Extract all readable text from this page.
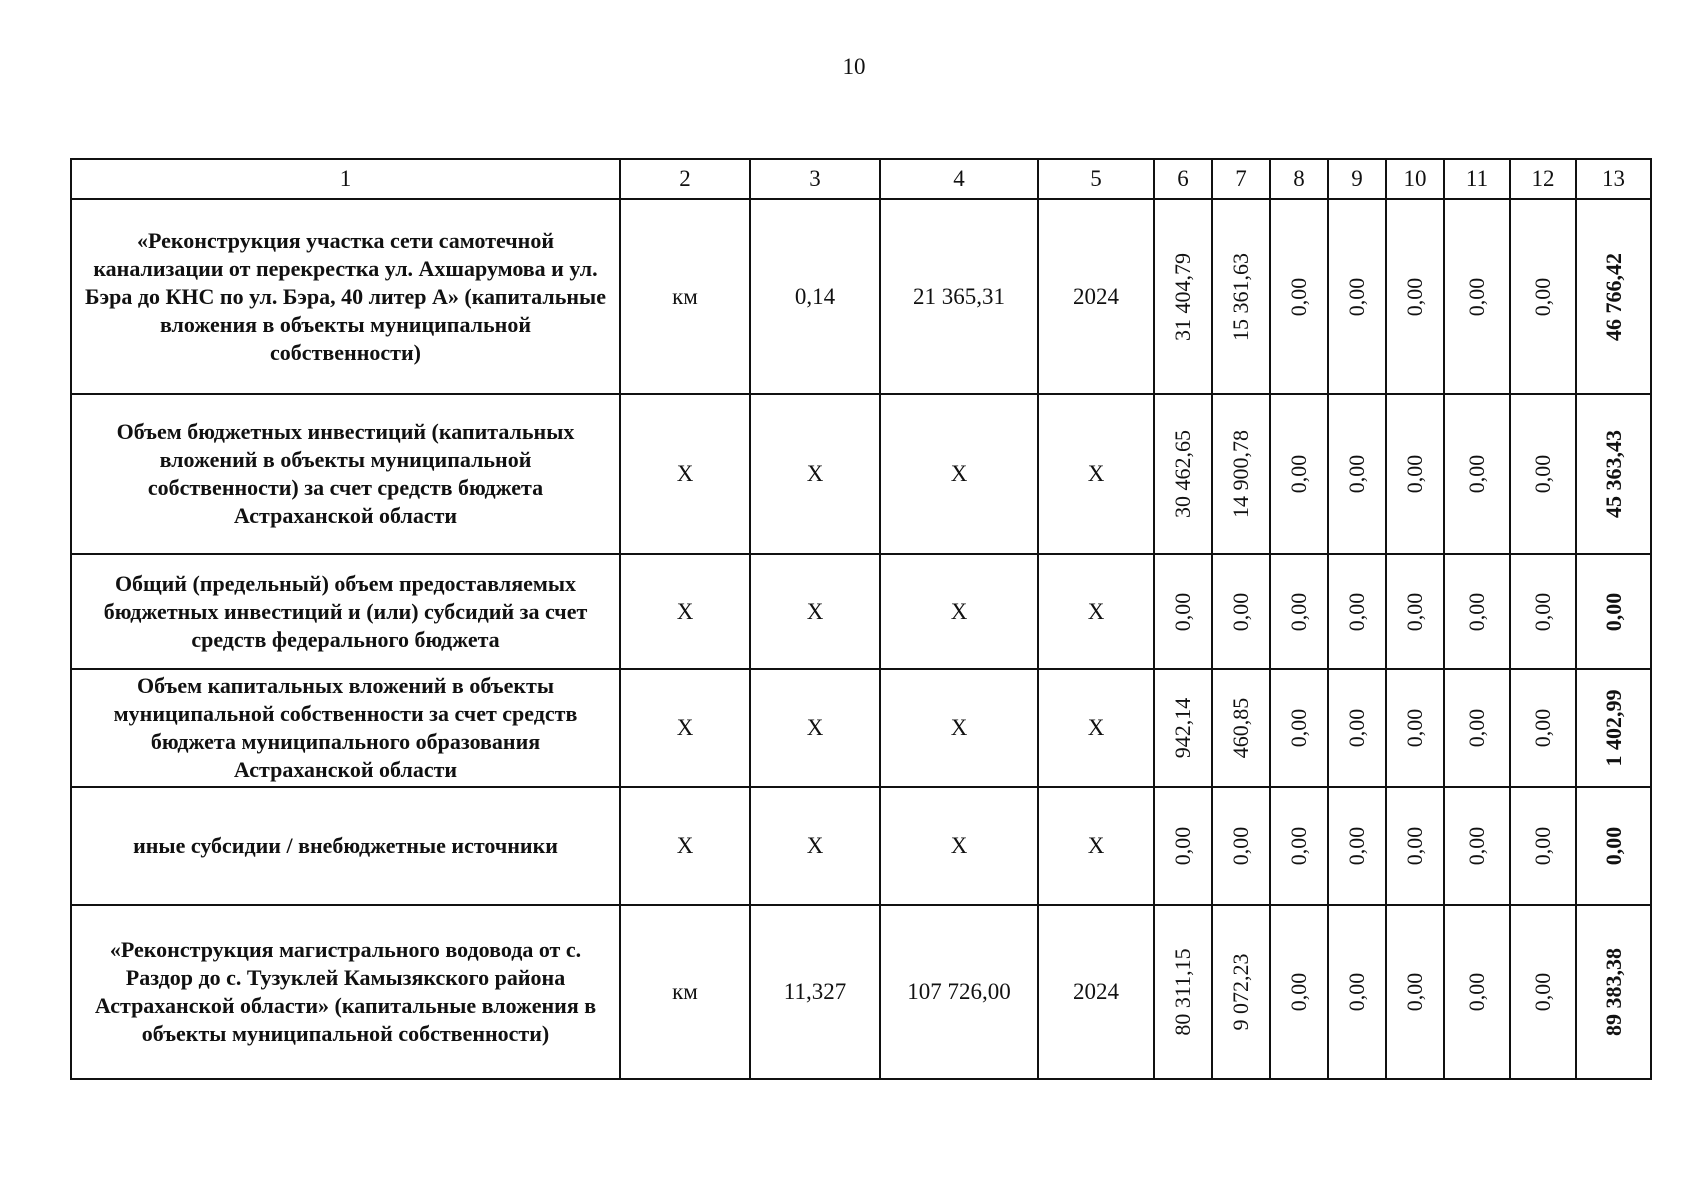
10
1	2	3	4	5	6	7	8	9	10	11	12	13
«Реконструкция участка сети самотечной канализации от перекрестка ул. Ахшарумова и ул. Бэра до КНС по ул. Бэра, 40 литер А» (капитальные вложения в объекты муниципальной собственности)	км	0,14	21 365,31	2024	31 404,79	15 361,63	0,00	0,00	0,00	0,00	0,00	46 766,42

Объем бюджетных инвестиций (капитальных вложений в объекты муниципальной собственности) за счет средств бюджета Астраханской области	Х	Х	Х	Х	30 462,65	14 900,78	0,00	0,00	0,00	0,00	0,00	45 363,43

Общий (предельный) объем предоставляемых бюджетных инвестиций и (или) субсидий за счет средств федерального бюджета	Х	Х	Х	Х	0,00	0,00	0,00	0,00	0,00	0,00	0,00	0,00

Объем капитальных вложений в объекты муниципальной собственности за счет средств бюджета муниципального образования Астраханской области	Х	Х	Х	Х	942,14	460,85	0,00	0,00	0,00	0,00	0,00	1 402,99

иные субсидии / внебюджетные источники	Х	Х	Х	Х	0,00	0,00	0,00	0,00	0,00	0,00	0,00	0,00

«Реконструкция магистрального водовода от с. Раздор до с. Тузуклей Камызякского района Астраханской области» (капитальные вложения в объекты муниципальной собственности)	км	11,327	107 726,00	2024	80 311,15	9 072,23	0,00	0,00	0,00	0,00	0,00	89 383,38
